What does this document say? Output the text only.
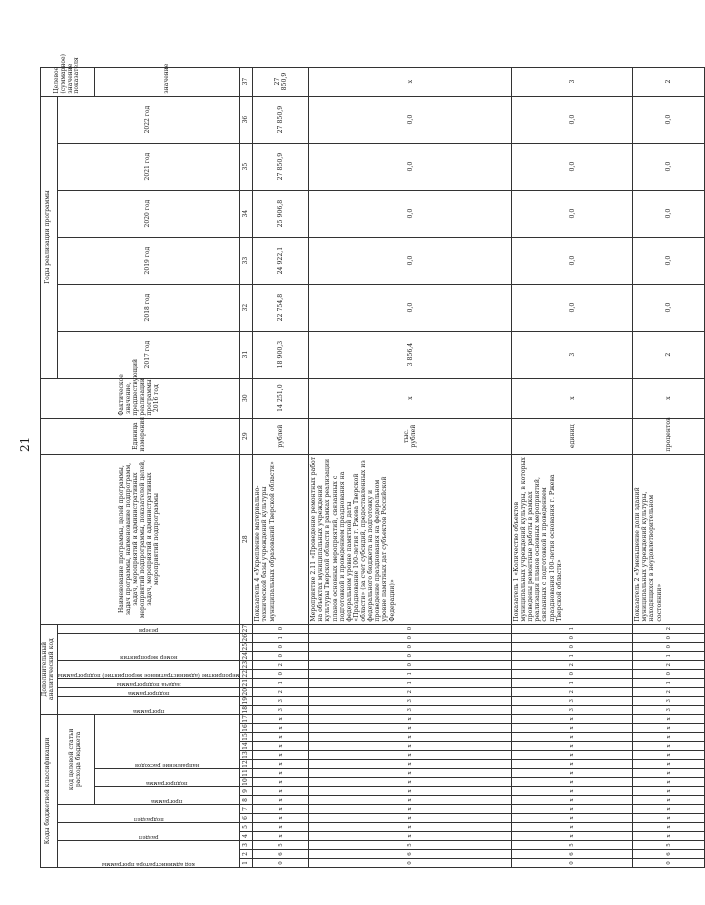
21
Коды бюджетной классификации																	Дополнительный аналитический код										Наименование программы, целей программы, задач программы, наименование подпрограмм, задач, мероприятий и административных мероприятий подпрограммы, показателей целей, задач, мероприятий и административных мероприятий подпрограммы	Единица измерения	Фактическое значение, предшествующий реализации программы 2016 год	Годы реализации программы						Целевое (суммарное) значение показателя

код администратора программы			раздел		подраздел		код целевой статьи расхода бюджета										программа		подпрограмма	задача подпрограммы	мероприятие (административное мероприятие) подпрограммы		номер мероприятия			резерв				2017 год	2018 год	2019 год	2020 год	2021 год	2022 год	

							программа		подпрограмма		направление расходов																									значение
1	2	3	4	5	6	7	8	9	10	11	12	13	14	15	16	17	18	19	20	21	22	23	24	25	26	27	28	29	30	31	32	33	34	35	36	37
0	6	5	х	х	х	х	х	х	х	х	х	х	х	х	х	х	3	3	2	1	0	2	0	0	1	0	Показатель 4 «Укрепление материально-технической базы учреждений культуры муниципальных образований Тверской области»	рублей	14 251,0	18 900,3	22 754,8	24 922,1	25 906,8	27 850,9	27 850,9	27 850,9
0	6	5	х	х	х	х	х	х	х	х	х	х	х	х	х	х	3	3	2	1	1	0	0	0	0	0	Мероприятие 2.11 «Проведение ремонтных работ на объектах муниципальных учреждений культуры Тверской области в рамках реализации планов основных мероприятий, связанных с подготовкой и проведением празднования на федеральном уровне памятной даты «Празднование 100-летия г. Ржева Тверской области» (за счет субсидий, предоставленных из федерального бюджета на подготовку и проведение празднования на федеральном уровне памятных дат субъектов Российской Федерации)»	тыс. рублей	х	3 856,4	0,0	0,0	0,0	0,0	0,0	х
0	6	5	х	х	х	х	х	х	х	х	х	х	х	х	х	х	3	3	2	1	0	2	1	0	0	1	Показатель 1 «Количество объектов муниципальных учреждений культуры, в которых проведены ремонтные работы в рамках реализации планов основных мероприятий, связанных с подготовкой и проведением празднования 100-летия основания г. Ржева Тверской области»	единиц	х	3	0,0	0,0	0,0	0,0	0,0	3
0	6	5	х	х	х	х	х	х	х	х	х	х	х	х	х	х	3	3	2	1	0	2	1	0	0	2	Показатель 2 «Уменьшение доли зданий муниципальных учреждений культуры, находящихся в неудовлетворительном состоянии»	процентов	х	2	0,0	0,0	0,0	0,0	0,0	2
